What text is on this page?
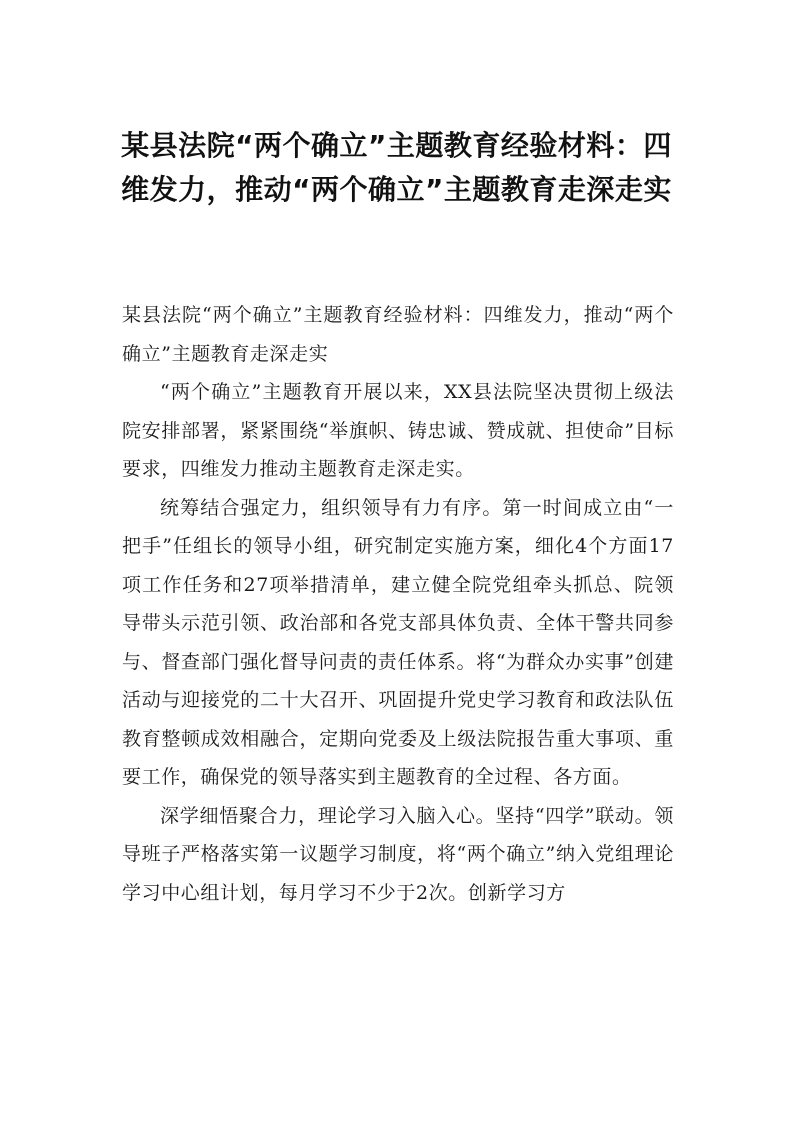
某县法院“两个确立”主题教育经验材料：四维发力，推动“两个确立”主题教育走深走实

某县法院“两个确立”主题教育经验材料：四维发力，推动“两个确立”主题教育走深走实

“两个确立”主题教育开展以来，XX县法院坚决贯彻上级法院安排部署，紧紧围绕“举旗帜、铸忠诚、赞成就、担使命”目标要求，四维发力推动主题教育走深走实。

统筹结合强定力，组织领导有力有序。第一时间成立由“一把手”任组长的领导小组，研究制定实施方案，细化4个方面17项工作任务和27项举措清单，建立健全院党组牵头抓总、院领导带头示范引领、政治部和各党支部具体负责、全体干警共同参与、督查部门强化督导问责的责任体系。将“为群众办实事”创建活动与迎接党的二十大召开、巩固提升党史学习教育和政法队伍教育整顿成效相融合，定期向党委及上级法院报告重大事项、重要工作，确保党的领导落实到主题教育的全过程、各方面。

深学细悟聚合力，理论学习入脑入心。坚持“四学”联动。领导班子严格落实第一议题学习制度，将“两个确立”纳入党组理论学习中心组计划，每月学习不少于2次。创新学习方
